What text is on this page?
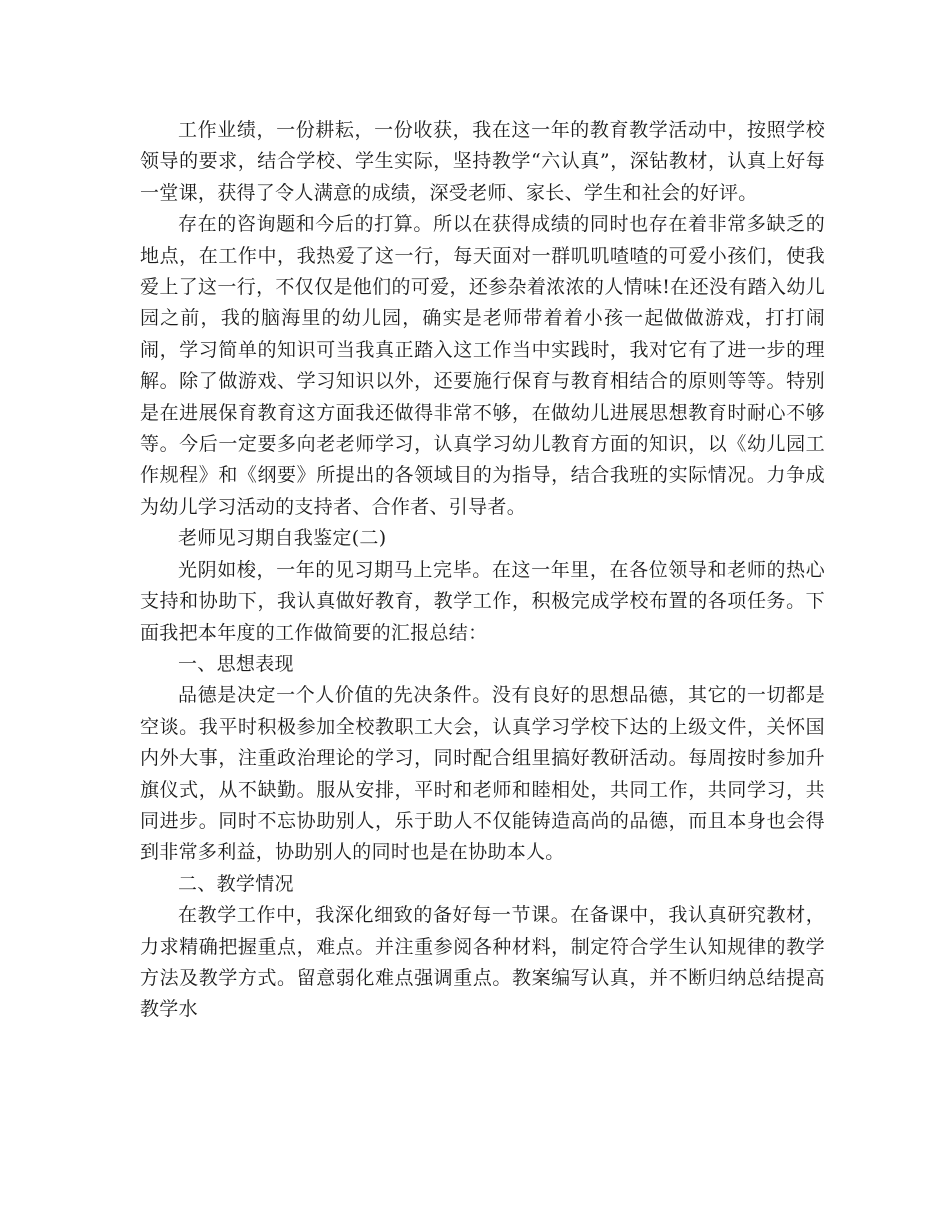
工作业绩，一份耕耘，一份收获，我在这一年的教育教学活动中，按照学校领导的要求，结合学校、学生实际，坚持教学“六认真”，深钻教材，认真上好每一堂课，获得了令人满意的成绩，深受老师、家长、学生和社会的好评。

存在的咨询题和今后的打算。所以在获得成绩的同时也存在着非常多缺乏的地点，在工作中，我热爱了这一行，每天面对一群叽叽喳喳的可爱小孩们，使我爱上了这一行，不仅仅是他们的可爱，还参杂着浓浓的人情味!在还没有踏入幼儿园之前，我的脑海里的幼儿园，确实是老师带着着小孩一起做做游戏，打打闹闹，学习简单的知识可当我真正踏入这工作当中实践时，我对它有了进一步的理解。除了做游戏、学习知识以外，还要施行保育与教育相结合的原则等等。特别是在进展保育教育这方面我还做得非常不够，在做幼儿进展思想教育时耐心不够等。今后一定要多向老老师学习，认真学习幼儿教育方面的知识，以《幼儿园工作规程》和《纲要》所提出的各领域目的为指导，结合我班的实际情况。力争成为幼儿学习活动的支持者、合作者、引导者。

老师见习期自我鉴定(二)

光阴如梭，一年的见习期马上完毕。在这一年里，在各位领导和老师的热心支持和协助下，我认真做好教育，教学工作，积极完成学校布置的各项任务。下面我把本年度的工作做简要的汇报总结：

一、思想表现

品德是决定一个人价值的先决条件。没有良好的思想品德，其它的一切都是空谈。我平时积极参加全校教职工大会，认真学习学校下达的上级文件，关怀国内外大事，注重政治理论的学习，同时配合组里搞好教研活动。每周按时参加升旗仪式，从不缺勤。服从安排，平时和老师和睦相处，共同工作，共同学习，共同进步。同时不忘协助别人，乐于助人不仅能铸造高尚的品德，而且本身也会得到非常多利益，协助别人的同时也是在协助本人。

二、教学情况

在教学工作中，我深化细致的备好每一节课。在备课中，我认真研究教材，力求精确把握重点，难点。并注重参阅各种材料，制定符合学生认知规律的教学方法及教学方式。留意弱化难点强调重点。教案编写认真，并不断归纳总结提高教学水
